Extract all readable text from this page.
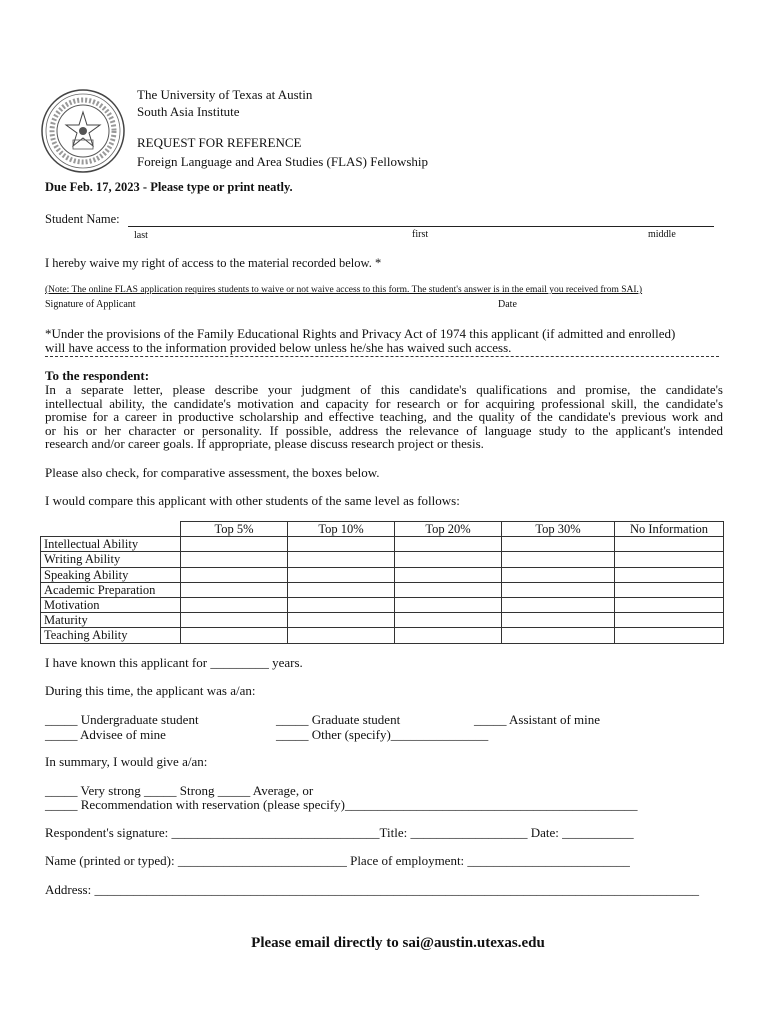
The University of Texas at Austin
South Asia Institute
REQUEST FOR REFERENCE
Foreign Language and Area Studies (FLAS) Fellowship
Due Feb. 17, 2023 - Please type or print neatly.
Student Name:
last	first	middle
I hereby waive my right of access to the material recorded below. *
(Note: The online FLAS application requires students to waive or not waive access to this form. The student's answer is in the email you received from SAI.)
Signature of Applicant	Date
*Under the provisions of the Family Educational Rights and Privacy Act of 1974 this applicant (if admitted and enrolled)
will have access to the information provided below unless he/she has waived such access.
To the respondent:
In a separate letter, please describe your judgment of this candidate's qualifications and promise, the candidate's
intellectual ability, the candidate's motivation and capacity for research or for acquiring professional skill, the candidate's
promise for a career in productive scholarship and effective teaching, and the quality of the candidate's previous work and
or his or her character or personality. If possible, address the relevance of language study to the applicant's intended
research and/or career goals. If appropriate, please discuss research project or thesis.
Please also check, for comparative assessment, the boxes below.
I would compare this applicant with other students of the same level as follows:
	Top 5%	Top 10%	Top 20%	Top 30%	No Information
Intellectual Ability					
Writing Ability					
Speaking Ability					
Academic Preparation					
Motivation					
Maturity					
Teaching Ability					
I have known this applicant for _________ years.
During this time, the applicant was a/an:
_____ Undergraduate student	_____ Graduate student	_____ Assistant of mine
_____ Advisee of mine	_____ Other (specify)_______________
In summary, I would give a/an:
_____ Very strong _____ Strong _____ Average, or
_____ Recommendation with reservation (please specify)_____________________________________________
Respondent's signature: ________________________________Title: __________________ Date: ___________
Name (printed or typed): __________________________ Place of employment: _________________________
Address: _____________________________________________________________________________________________
Please email directly to sai@austin.utexas.edu
